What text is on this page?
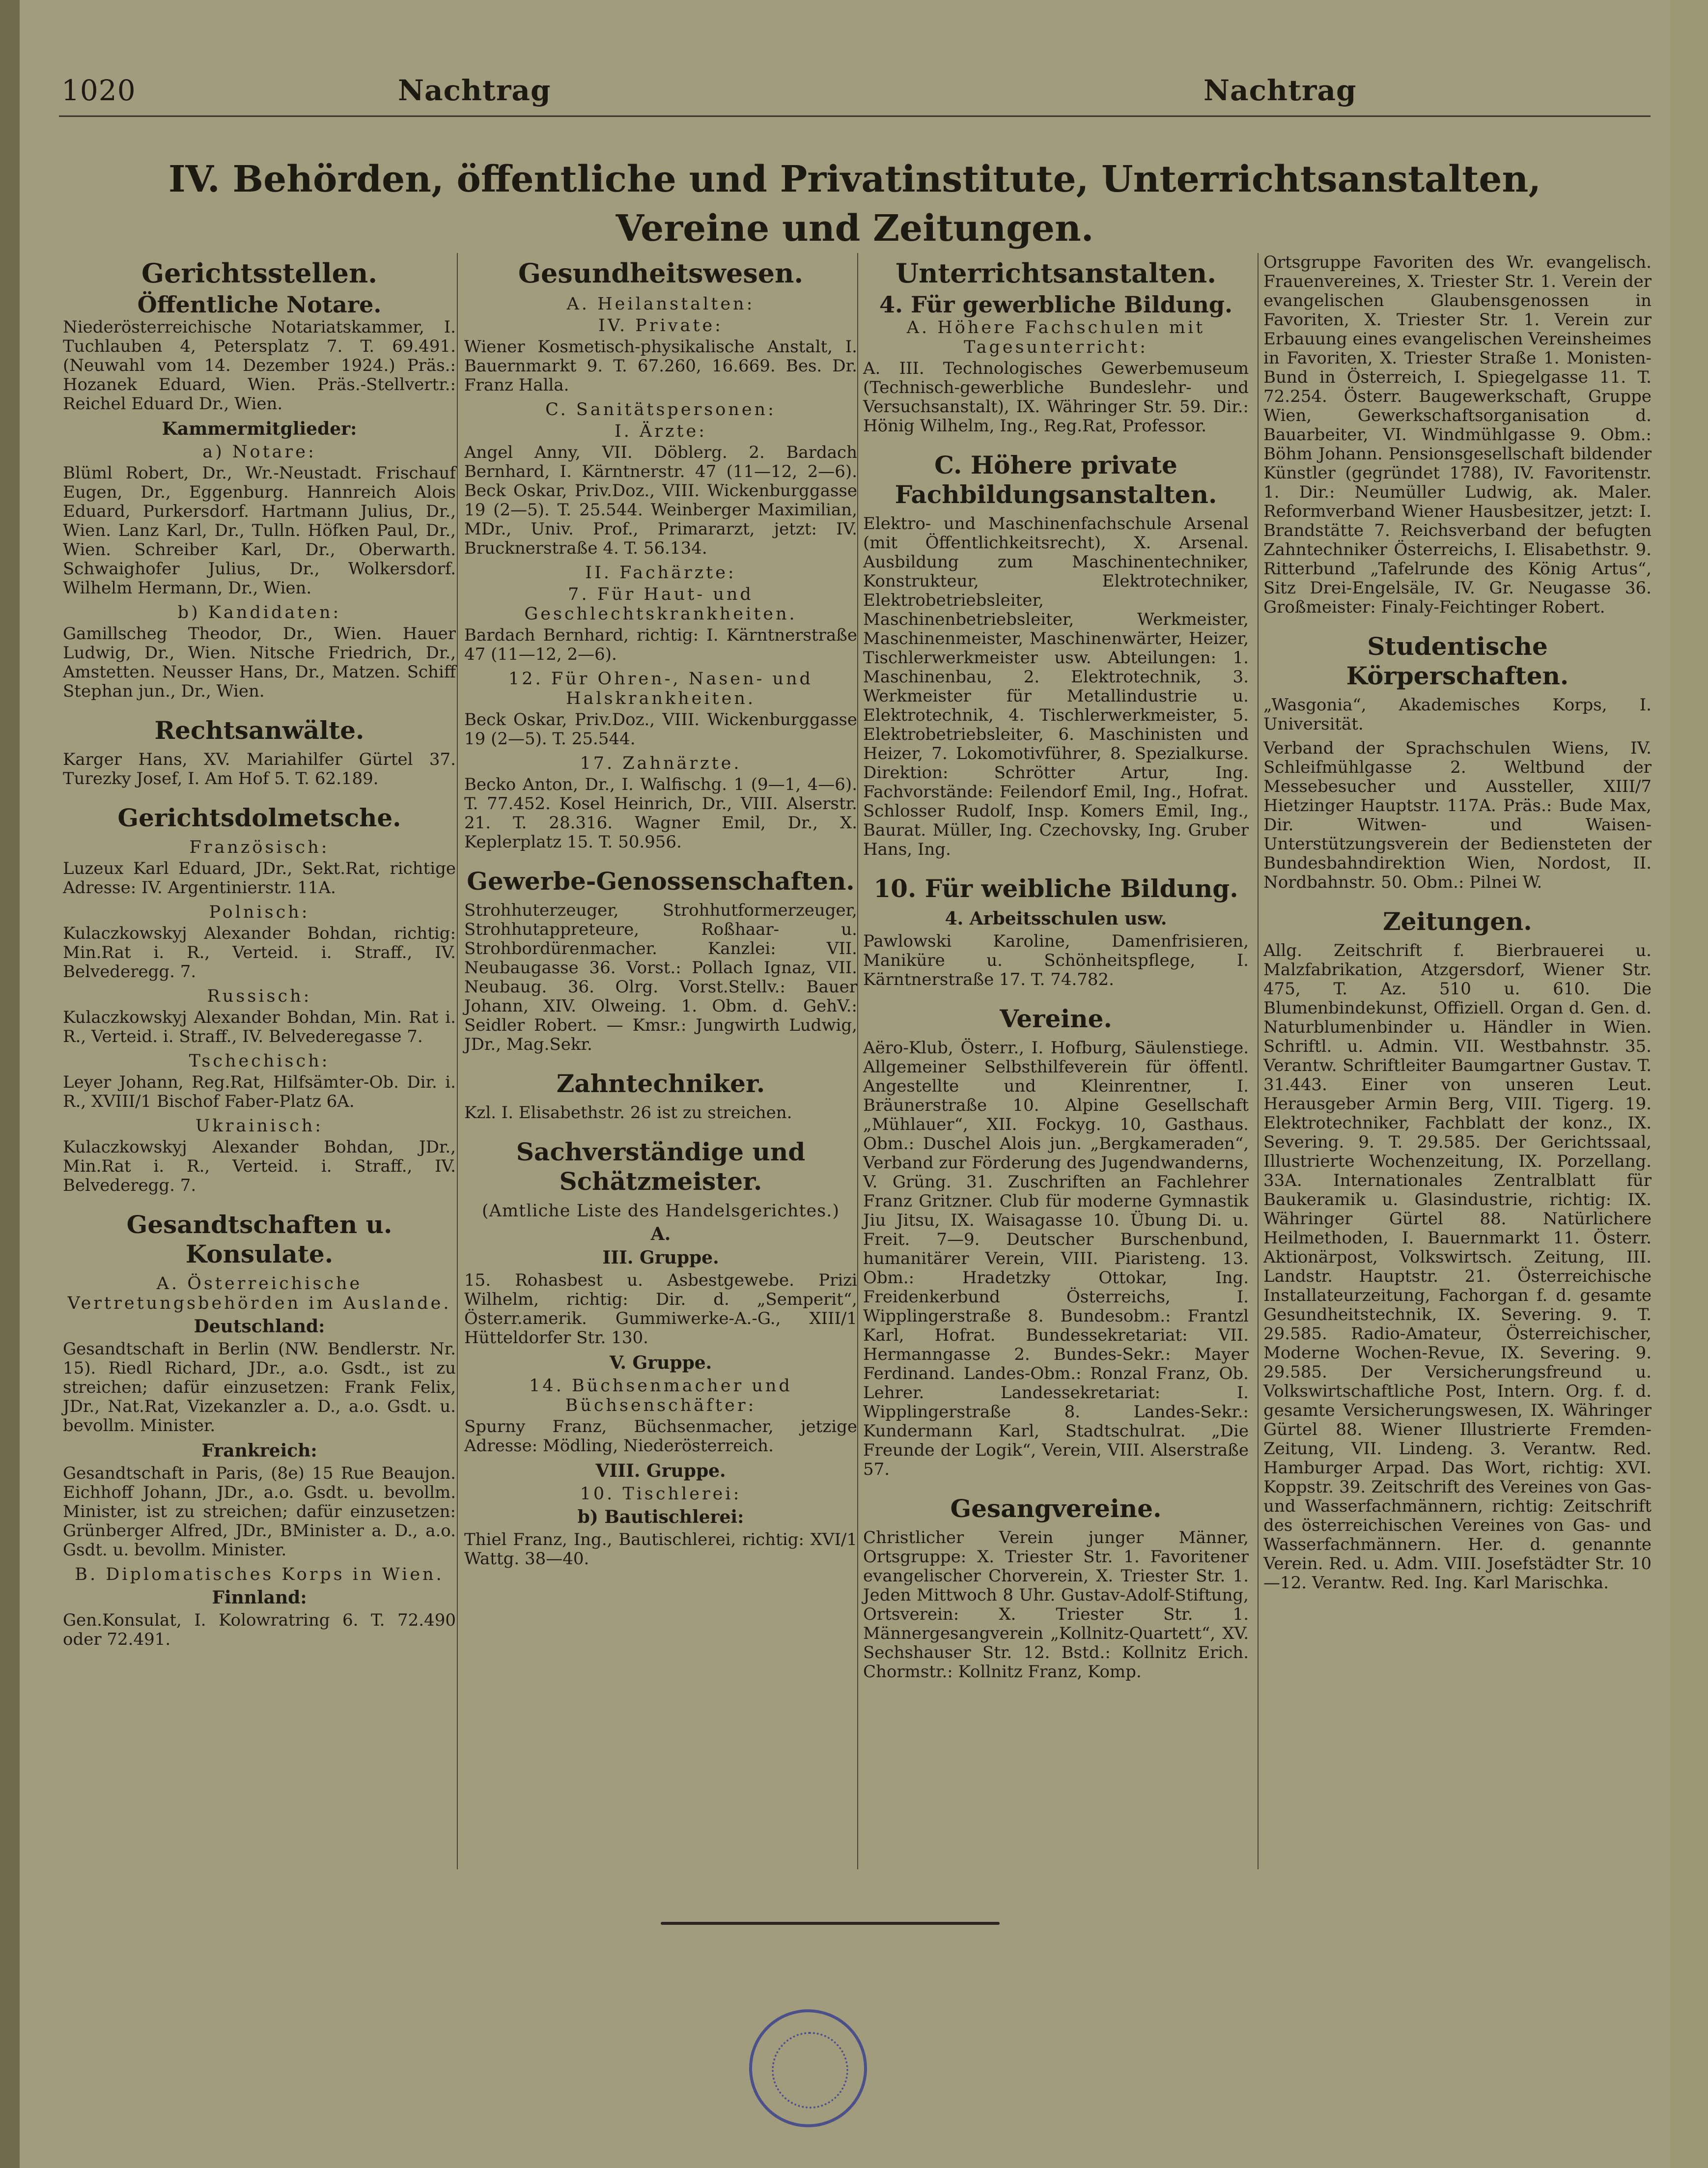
1020	Nachtrag	Nachtrag
IV. Behörden, öffentliche und Privatinstitute, Unterrichtsanstalten, Vereine und Zeitungen.
Gerichtsstellen.
Öffentliche Notare.

Niederösterreichische Notariatskammer, I. Tuchlauben 4, Petersplatz 7. T. 69.491. (Neuwahl vom 14. Dezember 1924.) Präs.: Hozanek Eduard, Wien. Präs.-Stellvertr.: Reichel Eduard Dr., Wien.

Kammermitglieder:
a) Notare:

Blüml Robert, Dr., Wr.-Neustadt. Frischauf Eugen, Dr., Eggenburg. Hannreich Alois Eduard, Purkersdorf. Hartmann Julius, Dr., Wien. Lanz Karl, Dr., Tulln. Höfken Paul, Dr., Wien. Schreiber Karl, Dr., Oberwarth. Schwaighofer Julius, Dr., Wolkersdorf. Wilhelm Hermann, Dr., Wien.

b) Kandidaten:

Gamillscheg Theodor, Dr., Wien. Hauer Ludwig, Dr., Wien. Nitsche Friedrich, Dr., Amstetten. Neusser Hans, Dr., Matzen. Schiff Stephan jun., Dr., Wien.

Rechtsanwälte.

Karger Hans, XV. Mariahilfer Gürtel 37. Turezky Josef, I. Am Hof 5. T. 62.189.

Gerichtsdolmetsche.
Französisch:

Luzeux Karl Eduard, JDr., Sekt.Rat, richtige Adresse: IV. Argentinierstr. 11A.

Polnisch:

Kulaczkowskyj Alexander Bohdan, richtig: Min.Rat i. R., Verteid. i. Straff., IV. Belvederegg. 7.

Russisch:

Kulaczkowskyj Alexander Bohdan, Min. Rat i. R., Verteid. i. Straff., IV. Belvederegasse 7.

Tschechisch:

Leyer Johann, Reg.Rat, Hilfsämter-Ob. Dir. i. R., XVIII/1 Bischof Faber-Platz 6A.

Ukrainisch:

Kulaczkowskyj Alexander Bohdan, JDr., Min.Rat i. R., Verteid. i. Straff., IV. Belvederegg. 7.

Gesandtschaften u. Konsulate.
A. Österreichische Vertretungsbehörden im Auslande.
Deutschland:

Gesandtschaft in Berlin (NW. Bendlerstr. Nr. 15). Riedl Richard, JDr., a.o. Gsdt., ist zu streichen; dafür einzusetzen: Frank Felix, JDr., Nat.Rat, Vizekanzler a. D., a.o. Gsdt. u. bevollm. Minister.

Frankreich:

Gesandtschaft in Paris, (8e) 15 Rue Beaujon. Eichhoff Johann, JDr., a.o. Gsdt. u. bevollm. Minister, ist zu streichen; dafür einzusetzen: Grünberger Alfred, JDr., BMinister a. D., a.o. Gsdt. u. bevollm. Minister.

B. Diplomatisches Korps in Wien.
Finnland:

Gen.Konsulat, I. Kolowratring 6. T. 72.490 oder 72.491.

Gesundheitswesen.
A. Heilanstalten:
IV. Private:

Wiener Kosmetisch-physikalische Anstalt, I. Bauernmarkt 9. T. 67.260, 16.669. Bes. Dr. Franz Halla.

C. Sanitätspersonen:
I. Ärzte:

Angel Anny, VII. Döblerg. 2. Bardach Bernhard, I. Kärntnerstr. 47 (11—12, 2—6). Beck Oskar, Priv.Doz., VIII. Wickenburggasse 19 (2—5). T. 25.544. Weinberger Maximilian, MDr., Univ. Prof., Primararzt, jetzt: IV. Brucknerstraße 4. T. 56.134.

II. Fachärzte:
7. Für Haut- und Geschlechtskrankheiten.

Bardach Bernhard, richtig: I. Kärntnerstraße 47 (11—12, 2—6).

12. Für Ohren-, Nasen- und Halskrankheiten.

Beck Oskar, Priv.Doz., VIII. Wickenburggasse 19 (2—5). T. 25.544.

17. Zahnärzte.

Becko Anton, Dr., I. Walfischg. 1 (9—1, 4—6). T. 77.452. Kosel Heinrich, Dr., VIII. Alserstr. 21. T. 28.316. Wagner Emil, Dr., X. Keplerplatz 15. T. 50.956.

Gewerbe-Genossenschaften.

Strohhuterzeuger, Strohhutformerzeuger, Strohhutappreteure, Roßhaar- u. Strohbordürenmacher. Kanzlei: VII. Neubaugasse 36. Vorst.: Pollach Ignaz, VII. Neubaug. 36. Olrg. Vorst.Stellv.: Bauer Johann, XIV. Olweing. 1. Obm. d. GehV.: Seidler Robert. — Kmsr.: Jungwirth Ludwig, JDr., Mag.Sekr.

Zahntechniker.

Kzl. I. Elisabethstr. 26 ist zu streichen.

Sachverständige und Schätzmeister.
(Amtliche Liste des Handelsgerichtes.)
A.
III. Gruppe.

15. Rohasbest u. Asbestgewebe. Prizi Wilhelm, richtig: Dir. d. „Semperit“, Österr.amerik. Gummiwerke-A.-G., XIII/1 Hütteldorfer Str. 130.

V. Gruppe.
14. Büchsenmacher und Büchsenschäfter:

Spurny Franz, Büchsenmacher, jetzige Adresse: Mödling, Niederösterreich.

VIII. Gruppe.
10. Tischlerei:
b) Bautischlerei:

Thiel Franz, Ing., Bautischlerei, richtig: XVI/1 Wattg. 38—40.

Unterrichtsanstalten.
4. Für gewerbliche Bildung.
A. Höhere Fachschulen mit Tagesunterricht:

A. III. Technologisches Gewerbemuseum (Technisch-gewerbliche Bundeslehr- und Versuchsanstalt), IX. Währinger Str. 59. Dir.: Hönig Wilhelm, Ing., Reg.Rat, Professor.

C. Höhere private Fachbildungsanstalten.

Elektro- und Maschinenfachschule Arsenal (mit Öffentlichkeitsrecht), X. Arsenal. Ausbildung zum Maschinentechniker, Konstrukteur, Elektrotechniker, Elektrobetriebsleiter, Maschinenbetriebsleiter, Werkmeister, Maschinenmeister, Maschinenwärter, Heizer, Tischlerwerkmeister usw. Abteilungen: 1. Maschinenbau, 2. Elektrotechnik, 3. Werkmeister für Metallindustrie u. Elektrotechnik, 4. Tischlerwerkmeister, 5. Elektrobetriebsleiter, 6. Maschinisten und Heizer, 7. Lokomotivführer, 8. Spezialkurse. Direktion: Schrötter Artur, Ing. Fachvorstände: Feilendorf Emil, Ing., Hofrat. Schlosser Rudolf, Insp. Komers Emil, Ing., Baurat. Müller, Ing. Czechovsky, Ing. Gruber Hans, Ing.

10. Für weibliche Bildung.
4. Arbeitsschulen usw.

Pawlowski Karoline, Damenfrisieren, Maniküre u. Schönheitspflege, I. Kärntnerstraße 17. T. 74.782.

Vereine.

Aëro-Klub, Österr., I. Hofburg, Säulenstiege. Allgemeiner Selbsthilfeverein für öffentl. Angestellte und Kleinrentner, I. Bräunerstraße 10. Alpine Gesellschaft „Mühlauer“, XII. Fockyg. 10, Gasthaus. Obm.: Duschel Alois jun. „Bergkameraden“, Verband zur Förderung des Jugendwanderns, V. Grüng. 31. Zuschriften an Fachlehrer Franz Gritzner. Club für moderne Gymnastik Jiu Jitsu, IX. Waisagasse 10. Übung Di. u. Freit. 7—9. Deutscher Burschenbund, humanitärer Verein, VIII. Piaristeng. 13. Obm.: Hradetzky Ottokar, Ing. Freidenkerbund Österreichs, I. Wipplingerstraße 8. Bundesobm.: Frantzl Karl, Hofrat. Bundessekretariat: VII. Hermanngasse 2. Bundes-Sekr.: Mayer Ferdinand. Landes-Obm.: Ronzal Franz, Ob. Lehrer. Landessekretariat: I. Wipplingerstraße 8. Landes-Sekr.: Kundermann Karl, Stadtschulrat. „Die Freunde der Logik“, Verein, VIII. Alserstraße 57.

Gesangvereine.

Christlicher Verein junger Männer, Ortsgruppe: X. Triester Str. 1. Favoritener evangelischer Chorverein, X. Triester Str. 1. Jeden Mittwoch 8 Uhr. Gustav-Adolf-Stiftung, Ortsverein: X. Triester Str. 1. Männergesangverein „Kollnitz-Quartett“, XV. Sechshauser Str. 12. Bstd.: Kollnitz Erich. Chormstr.: Kollnitz Franz, Komp.

Ortsgruppe Favoriten des Wr. evangelisch. Frauenvereines, X. Triester Str. 1. Verein der evangelischen Glaubensgenossen in Favoriten, X. Triester Str. 1. Verein zur Erbauung eines evangelischen Vereinsheimes in Favoriten, X. Triester Straße 1. Monisten-Bund in Österreich, I. Spiegelgasse 11. T. 72.254. Österr. Baugewerkschaft, Gruppe Wien, Gewerkschaftsorganisation d. Bauarbeiter, VI. Windmühlgasse 9. Obm.: Böhm Johann. Pensionsgesellschaft bildender Künstler (gegründet 1788), IV. Favoritenstr. 1. Dir.: Neumüller Ludwig, ak. Maler. Reformverband Wiener Hausbesitzer, jetzt: I. Brandstätte 7. Reichsverband der befugten Zahntechniker Österreichs, I. Elisabethstr. 9. Ritterbund „Tafelrunde des König Artus“, Sitz Drei-Engelsäle, IV. Gr. Neugasse 36. Großmeister: Finaly-Feichtinger Robert.

Studentische Körperschaften.

„Wasgonia“, Akademisches Korps, I. Universität.

Verband der Sprachschulen Wiens, IV. Schleifmühlgasse 2. Weltbund der Messebesucher und Aussteller, XIII/7 Hietzinger Hauptstr. 117A. Präs.: Bude Max, Dir. Witwen- und Waisen-Unterstützungsverein der Bediensteten der Bundesbahndirektion Wien, Nordost, II. Nordbahnstr. 50. Obm.: Pilnei W.

Zeitungen.

Allg. Zeitschrift f. Bierbrauerei u. Malzfabrikation, Atzgersdorf, Wiener Str. 475, T. Az. 510 u. 610. Die Blumenbindekunst, Offiziell. Organ d. Gen. d. Naturblumenbinder u. Händler in Wien. Schriftl. u. Admin. VII. Westbahnstr. 35. Verantw. Schriftleiter Baumgartner Gustav. T. 31.443. Einer von unseren Leut. Herausgeber Armin Berg, VIII. Tigerg. 19. Elektrotechniker, Fachblatt der konz., IX. Severing. 9. T. 29.585. Der Gerichtssaal, Illustrierte Wochenzeitung, IX. Porzellang. 33A. Internationales Zentralblatt für Baukeramik u. Glasindustrie, richtig: IX. Währinger Gürtel 88. Natürlichere Heilmethoden, I. Bauernmarkt 11. Österr. Aktionärpost, Volkswirtsch. Zeitung, III. Landstr. Hauptstr. 21. Österreichische Installateurzeitung, Fachorgan f. d. gesamte Gesundheitstechnik, IX. Severing. 9. T. 29.585. Radio-Amateur, Österreichischer, Moderne Wochen-Revue, IX. Severing. 9. 29.585. Der Versicherungsfreund u. Volkswirtschaftliche Post, Intern. Org. f. d. gesamte Versicherungswesen, IX. Währinger Gürtel 88. Wiener Illustrierte Fremden-Zeitung, VII. Lindeng. 3. Verantw. Red. Hamburger Arpad. Das Wort, richtig: XVI. Koppstr. 39. Zeitschrift des Vereines von Gas- und Wasserfachmännern, richtig: Zeitschrift des österreichischen Vereines von Gas- und Wasserfachmännern. Her. d. genannte Verein. Red. u. Adm. VIII. Josefstädter Str. 10—12. Verantw. Red. Ing. Karl Marischka.
